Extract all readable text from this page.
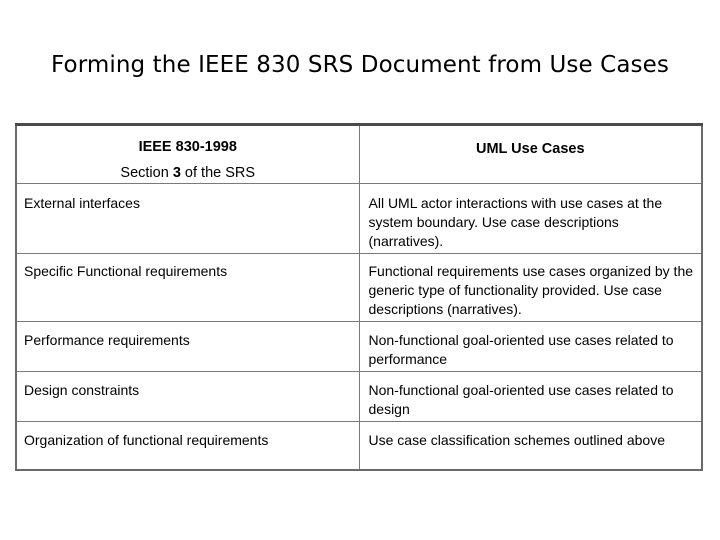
Forming the IEEE 830 SRS Document from Use Cases
IEEE 830-1998
Section 3 of the SRS	UML Use Cases
External interfaces	All UML actor interactions with use cases at the system boundary. Use case descriptions (narratives).
Specific Functional requirements	Functional requirements use cases organized by the generic type of functionality provided. Use case descriptions (narratives).
Performance requirements	Non-functional goal-oriented use cases related to performance
Design constraints	Non-functional goal-oriented use cases related to design
Organization of functional requirements	Use case classification schemes outlined above
